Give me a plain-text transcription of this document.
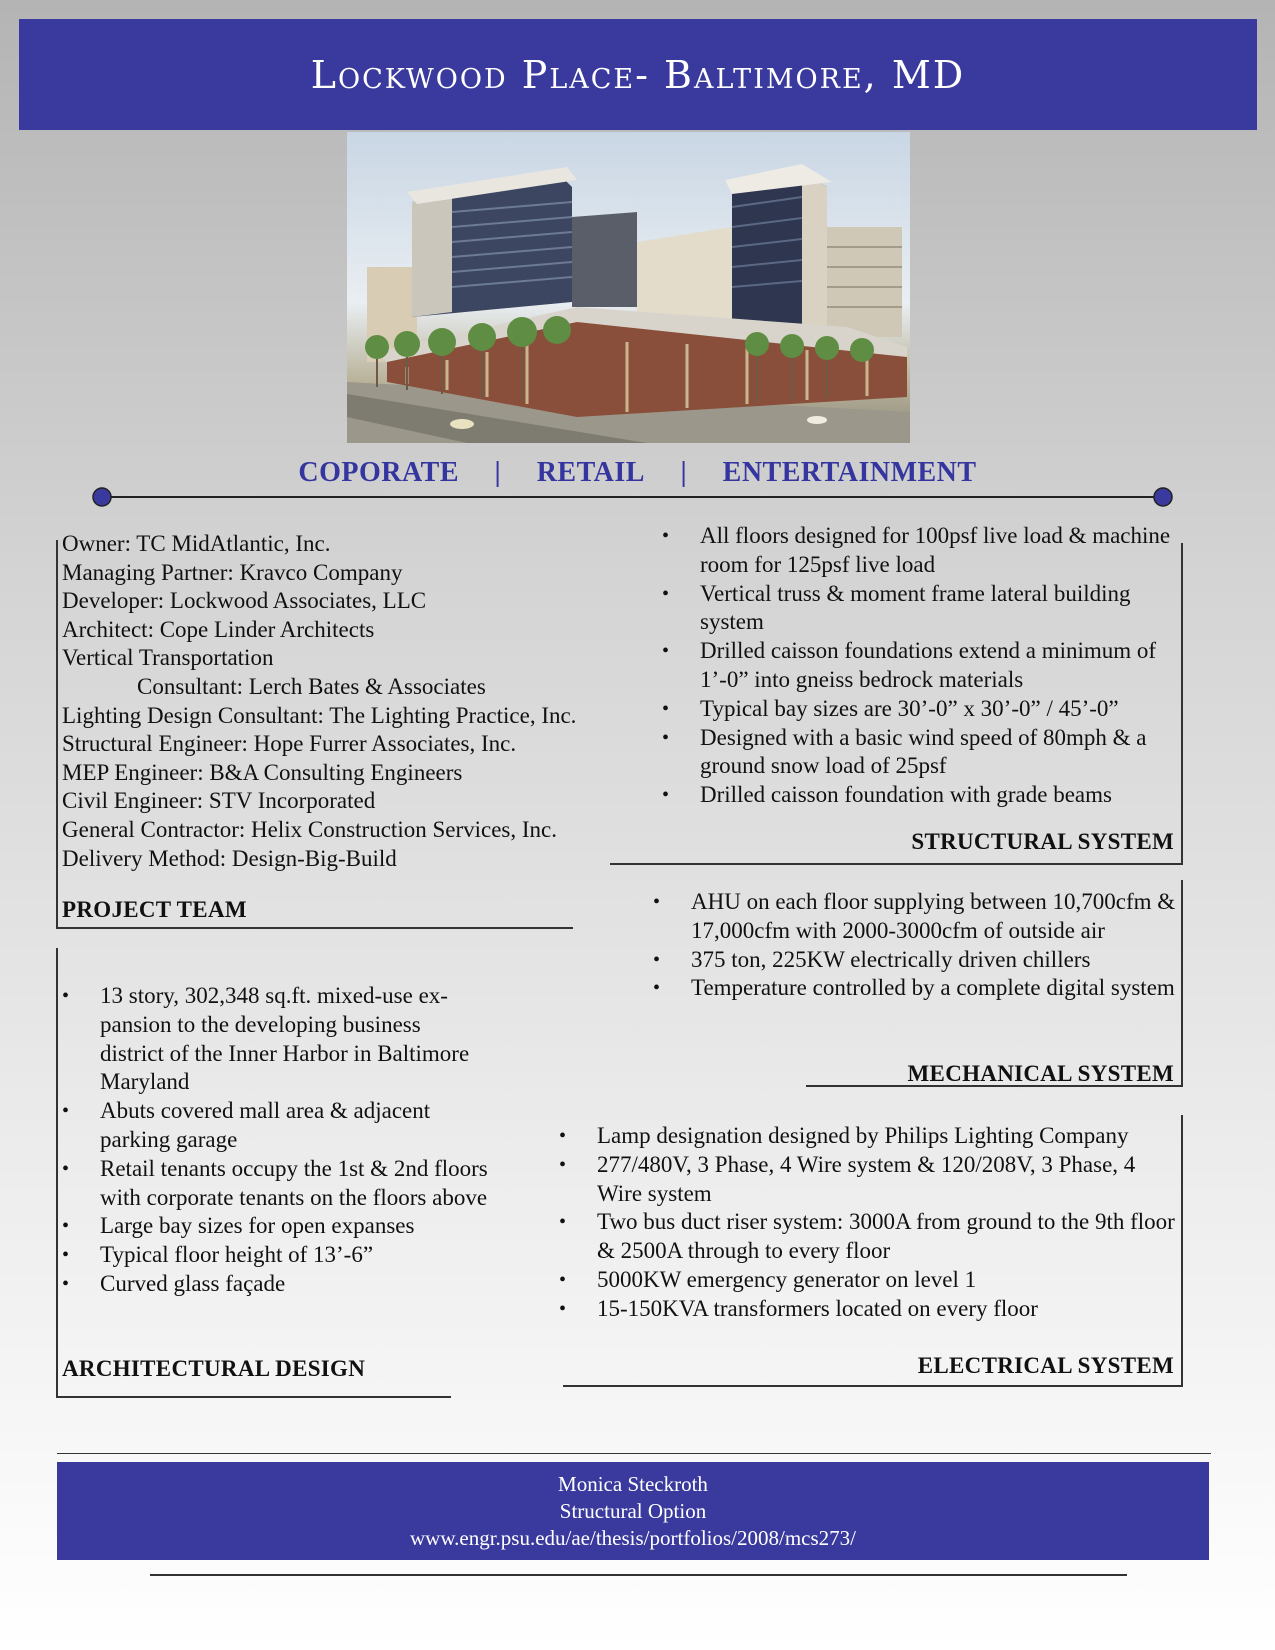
Lockwood Place- Baltimore, MD
COPORATE | RETAIL | ENTERTAINMENT
Owner: TC MidAtlantic, Inc.
Managing Partner: Kravco Company
Developer: Lockwood Associates, LLC
Architect: Cope Linder Architects
Vertical Transportation
Consultant: Lerch Bates & Associates
Lighting Design Consultant: The Lighting Practice, Inc.
Structural Engineer: Hope Furrer Associates, Inc.
MEP Engineer: B&A Consulting Engineers
Civil Engineer: STV Incorporated
General Contractor: Helix Construction Services, Inc.
Delivery Method: Design-Big-Build
PROJECT TEAM
• All floors designed for 100psf live load & machine room for 125psf live load
• Vertical truss & moment frame lateral building system
• Drilled caisson foundations extend a minimum of 1’-0” into gneiss bedrock materials
• Typical bay sizes are 30’-0” x 30’-0” / 45’-0”
• Designed with a basic wind speed of 80mph & a ground snow load of 25psf
• Drilled caisson foundation with grade beams
STRUCTURAL SYSTEM
• AHU on each floor supplying between 10,700cfm & 17,000cfm with 2000-3000cfm of outside air
• 375 ton, 225KW electrically driven chillers
• Temperature controlled by a complete digital system
MECHANICAL SYSTEM
• 13 story, 302,348 sq.ft. mixed-use ex-pansion to the developing business district of the Inner Harbor in Baltimore Maryland
• Abuts covered mall area & adjacent parking garage
• Retail tenants occupy the 1st & 2nd floors with corporate tenants on the floors above
• Large bay sizes for open expanses
• Typical floor height of 13’-6”
• Curved glass façade
ARCHITECTURAL DESIGN
• Lamp designation designed by Philips Lighting Company
• 277/480V, 3 Phase, 4 Wire system & 120/208V, 3 Phase, 4 Wire system
• Two bus duct riser system: 3000A from ground to the 9th floor & 2500A through to every floor
• 5000KW emergency generator on level 1
• 15-150KVA transformers located on every floor
ELECTRICAL SYSTEM
Monica Steckroth
Structural Option
www.engr.psu.edu/ae/thesis/portfolios/2008/mcs273/
